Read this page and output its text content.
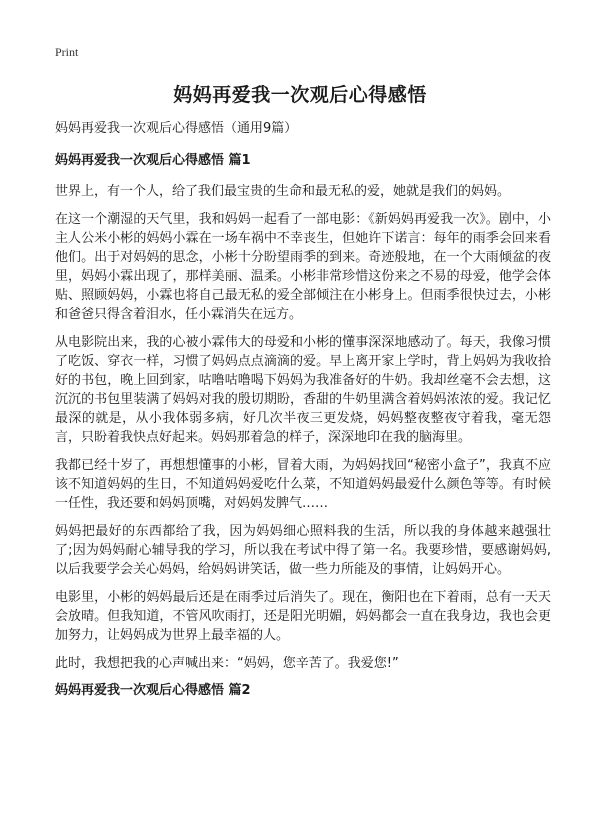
Print
妈妈再爱我一次观后心得感悟

妈妈再爱我一次观后心得感悟（通用9篇）

妈妈再爱我一次观后心得感悟 篇1

世界上，有一个人，给了我们最宝贵的生命和最无私的爱，她就是我们的妈妈。

在这一个潮湿的天气里，我和妈妈一起看了一部电影：《新妈妈再爱我一次》。剧中，小主人公米小彬的妈妈小霖在一场车祸中不幸丧生，但她许下诺言：每年的雨季会回来看他们。出于对妈妈的思念，小彬十分盼望雨季的到来。奇迹般地，在一个大雨倾盆的夜里，妈妈小霖出现了，那样美丽、温柔。小彬非常珍惜这份来之不易的母爱，他学会体贴、照顾妈妈，小霖也将自己最无私的爱全部倾注在小彬身上。但雨季很快过去，小彬和爸爸只得含着泪水，任小霖消失在远方。

从电影院出来，我的心被小霖伟大的母爱和小彬的懂事深深地感动了。每天，我像习惯了吃饭、穿衣一样，习惯了妈妈点点滴滴的爱。早上离开家上学时，背上妈妈为我收拾好的书包，晚上回到家，咕噜咕噜喝下妈妈为我准备好的牛奶。我却丝毫不会去想，这沉沉的书包里装满了妈妈对我的殷切期盼，香甜的牛奶里满含着妈妈浓浓的爱。我记忆最深的就是，从小我体弱多病，好几次半夜三更发烧，妈妈整夜整夜守着我，毫无怨言，只盼着我快点好起来。妈妈那着急的样子，深深地印在我的脑海里。

我都已经十岁了，再想想懂事的小彬，冒着大雨，为妈妈找回“秘密小盒子”，我真不应该不知道妈妈的生日，不知道妈妈爱吃什么菜，不知道妈妈最爱什么颜色等等。有时候一任性，我还要和妈妈顶嘴，对妈妈发脾气……

妈妈把最好的东西都给了我，因为妈妈细心照料我的生活，所以我的身体越来越强壮了;因为妈妈耐心辅导我的学习，所以我在考试中得了第一名。我要珍惜，要感谢妈妈,以后我要学会关心妈妈，给妈妈讲笑话，做一些力所能及的事情，让妈妈开心。

电影里，小彬的妈妈最后还是在雨季过后消失了。现在，衡阳也在下着雨，总有一天天会放晴。但我知道，不管风吹雨打，还是阳光明媚，妈妈都会一直在我身边，我也会更加努力，让妈妈成为世界上最幸福的人。

此时，我想把我的心声喊出来：“妈妈，您辛苦了。我爱您!”

妈妈再爱我一次观后心得感悟 篇2
